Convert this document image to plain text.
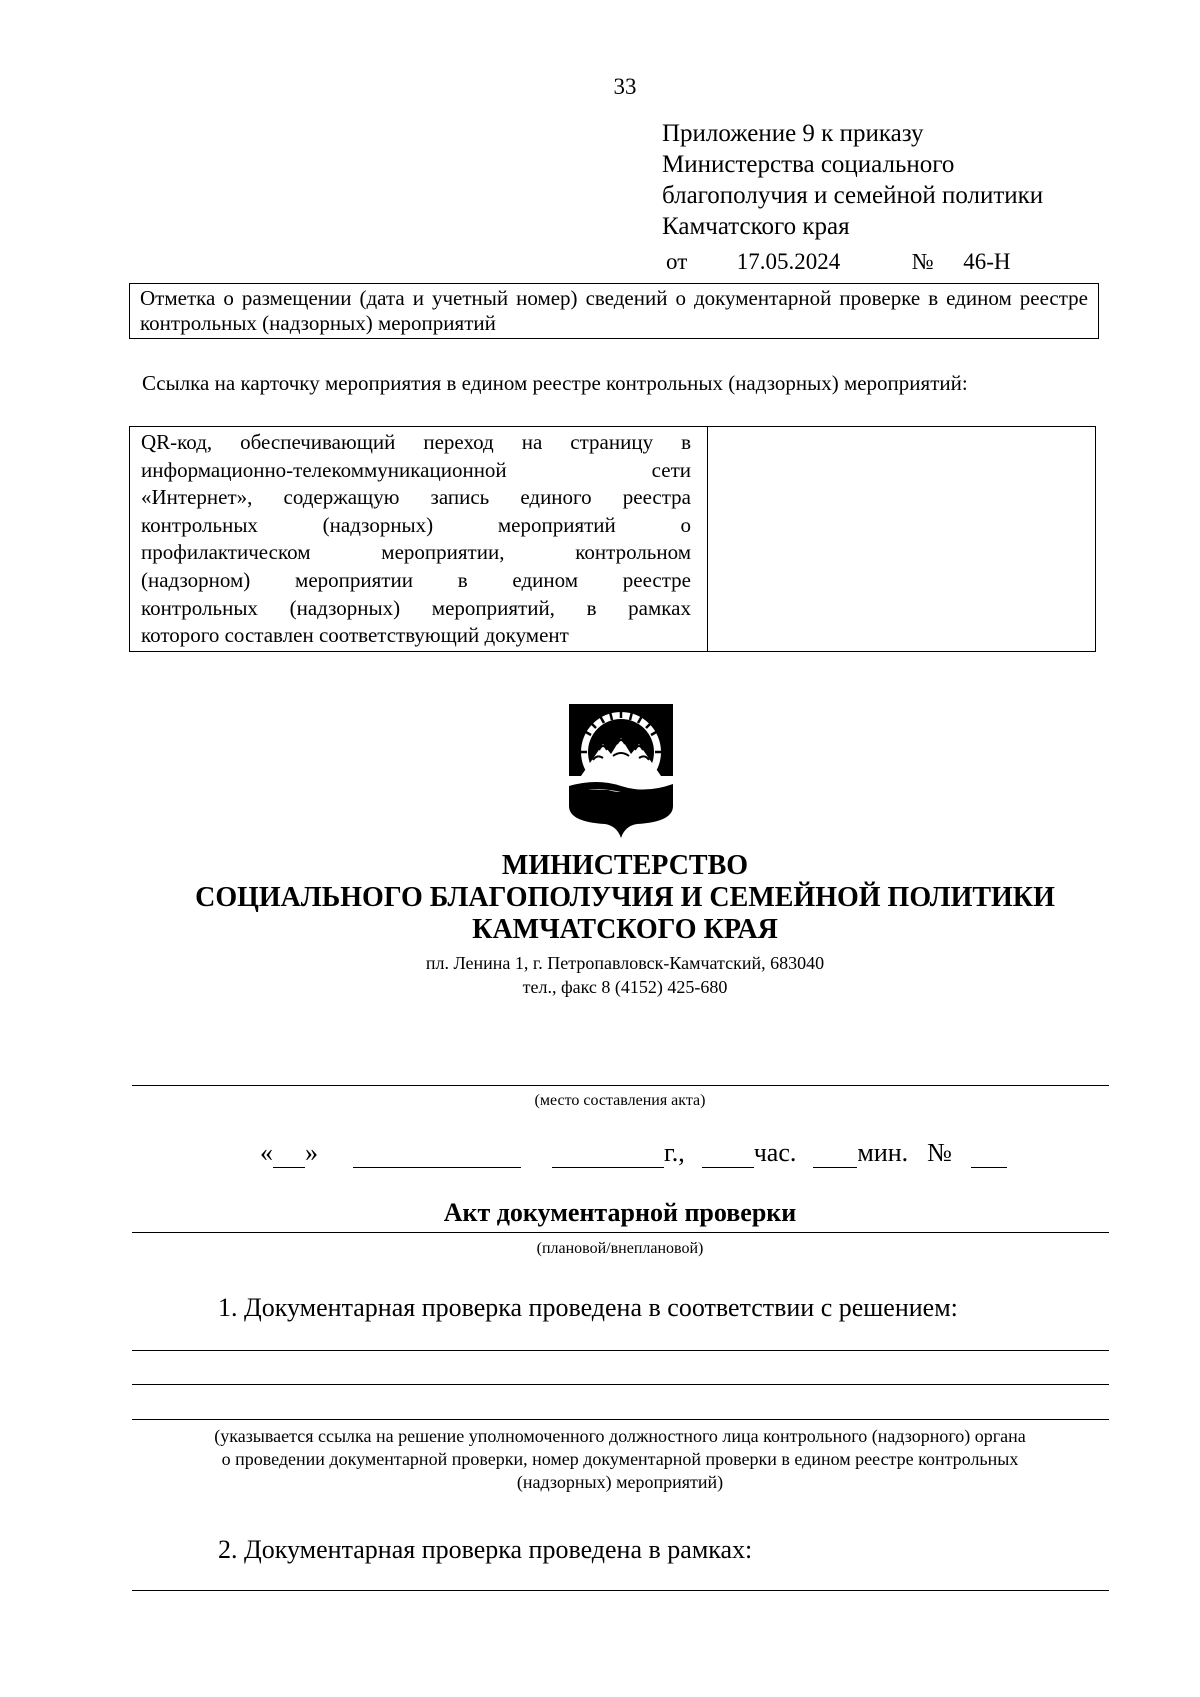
33
Приложение 9 к приказу
Министерства социального
благополучия и семейной политики
Камчатского края
от 17.05.2024	№ 46-Н
Отметка о размещении (дата и учетный номер) сведений о документарной проверке в едином реестре контрольных (надзорных) мероприятий
Ссылка на карточку мероприятия в едином реестре контрольных (надзорных) мероприятий:

QR-код, обеспечивающий переход на страницу в

информационно-телекоммуникационной сети

«Интернет», содержащую запись единого реестра

контрольных (надзорных) мероприятий о

профилактическом мероприятии, контрольном

(надзорном) мероприятии в едином реестре

контрольных (надзорных) мероприятий, в рамках

которого составлен соответствующий документ

МИНИСТЕРСТВО
СОЦИАЛЬНОГО БЛАГОПОЛУЧИЯ И СЕМЕЙНОЙ ПОЛИТИКИ
КАМЧАТСКОГО КРАЯ
пл. Ленина 1, г. Петропавловск-Камчатский, 683040
тел., факс 8 (4152) 425-680
(место составления акта)
« »	г.,	час. мин. №
Акт документарной проверки
(плановой/внеплановой)
1. Документарная проверка проведена в соответствии с решением:
(указывается ссылка на решение уполномоченного должностного лица контрольного (надзорного) органа
о проведении документарной проверки, номер документарной проверки в едином реестре контрольных
(надзорных) мероприятий)
2. Документарная проверка проведена в рамках:
